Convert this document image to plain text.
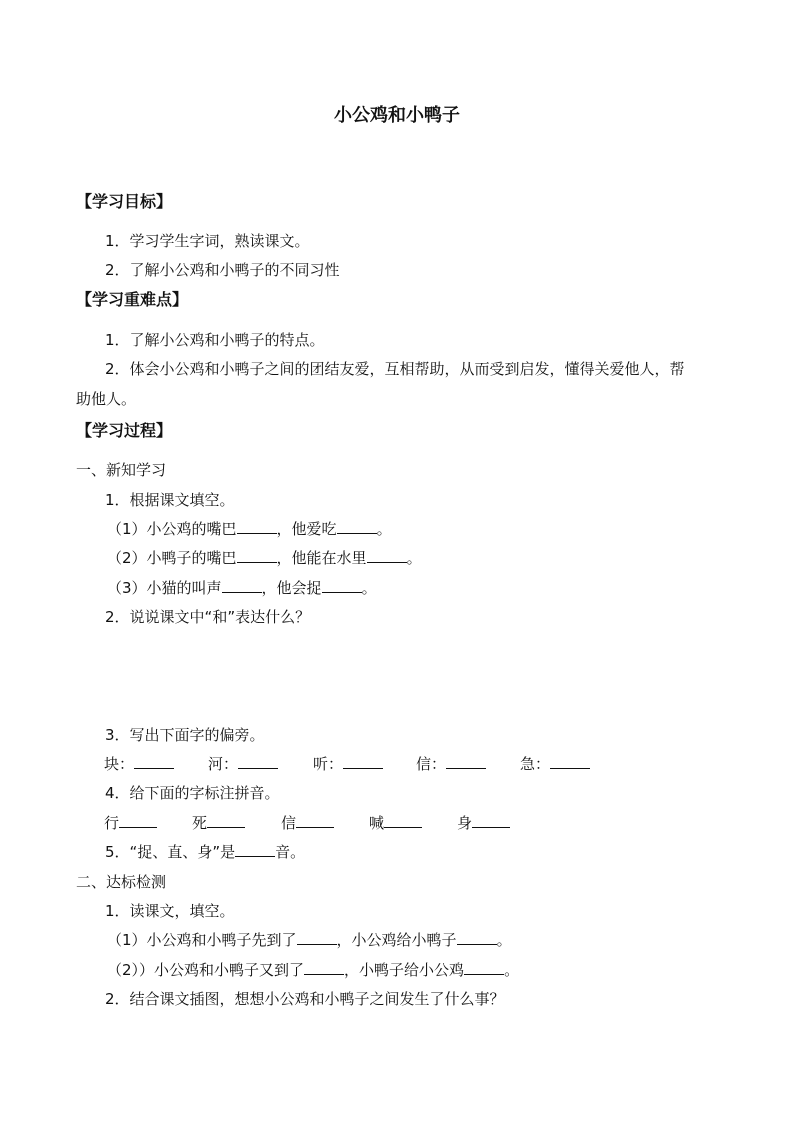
小公鸡和小鸭子
【学习目标】
1．学习学生字词，熟读课文。
2．了解小公鸡和小鸭子的不同习性
【学习重难点】
1．了解小公鸡和小鸭子的特点。
2．体会小公鸡和小鸭子之间的团结友爱，互相帮助，从而受到启发，懂得关爱他人，帮
助他人。
【学习过程】
一、新知学习
1．根据课文填空。
（1）小公鸡的嘴巴	，他爱吃	。
（2）小鸭子的嘴巴	，他能在水里	。
（3）小猫的叫声	，他会捉	。
2．说说课文中“和”表达什么？
3．写出下面字的偏旁。
块：	河：	听：	信：	急：
4．给下面的字标注拼音。
行	死	信	喊	身
5．“捉、直、身”是	音。
二、达标检测
1．读课文，填空。
（1）小公鸡和小鸭子先到了	，小公鸡给小鸭子	。
（2））小公鸡和小鸭子又到了	，小鸭子给小公鸡	。
2．结合课文插图，想想小公鸡和小鸭子之间发生了什么事？
